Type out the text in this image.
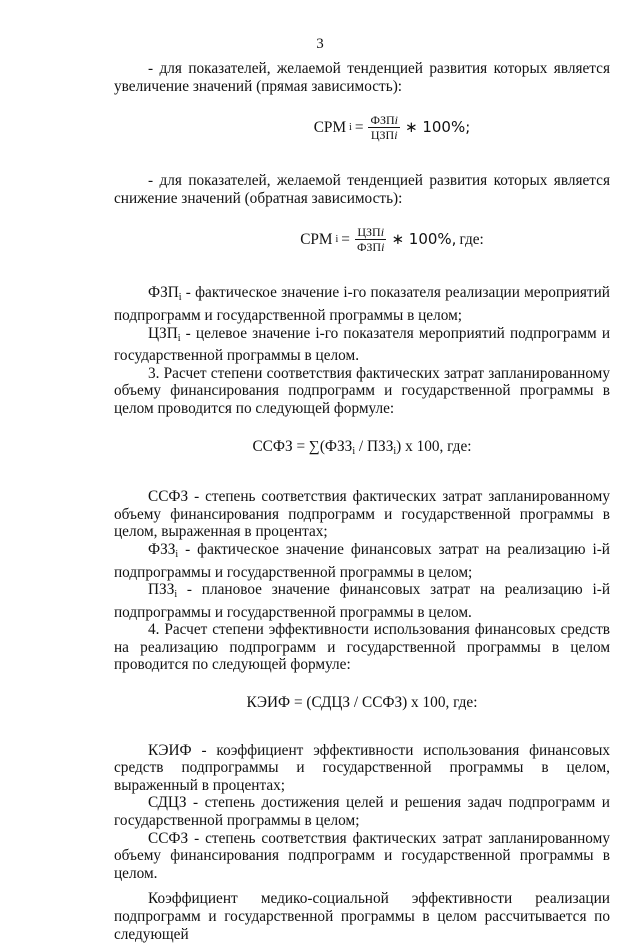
3

- для показателей, желаемой тенденцией развития которых является увеличение значений (прямая зависимость):

СРМ $i = \frac{\text{ФЗПi}}{\text{ЦЗПi}}$ ∗ 100%;

- для показателей, желаемой тенденцией развития которых является снижение значений (обратная зависимость):

СРМ $i = \frac{\text{ЦЗПi}}{\text{ФЗПi}}$ ∗ 100%, где:

$ФЗП_i$ - фактическое значение i-го показателя реализации мероприятий подпрограмм и государственной программы в целом;

$ЦЗП_i$ - целевое значение i-го показателя мероприятий подпрограмм и государственной программы в целом.

3. Расчет степени соответствия фактических затрат запланированному объему финансирования подпрограмм и государственной программы в целом проводится по следующей формуле:

ССФЗ = $\sum(ФЗЗ_i / ПЗЗ_i)$ х 100, где:

ССФЗ - степень соответствия фактических затрат запланированному объему финансирования подпрограмм и государственной программы в целом, выраженная в процентах;

$ФЗЗ_i$ - фактическое значение финансовых затрат на реализацию i-й подпрограммы и государственной программы в целом;

$ПЗЗ_i$ - плановое значение финансовых затрат на реализацию i-й подпрограммы и государственной программы в целом.

4. Расчет степени эффективности использования финансовых средств на реализацию подпрограмм и государственной программы в целом проводится по следующей формуле:

КЭИФ = (СДЦЗ / ССФЗ) х 100, где:

КЭИФ - коэффициент эффективности использования финансовых средств подпрограммы и государственной программы в целом, выраженный в процентах;

СДЦЗ - степень достижения целей и решения задач подпрограмм и государственной программы в целом;

ССФЗ - степень соответствия фактических затрат запланированному объему финансирования подпрограмм и государственной программы в целом.

Коэффициент медико-социальной эффективности реализации подпрограмм и государственной программы в целом рассчитывается по следующей
